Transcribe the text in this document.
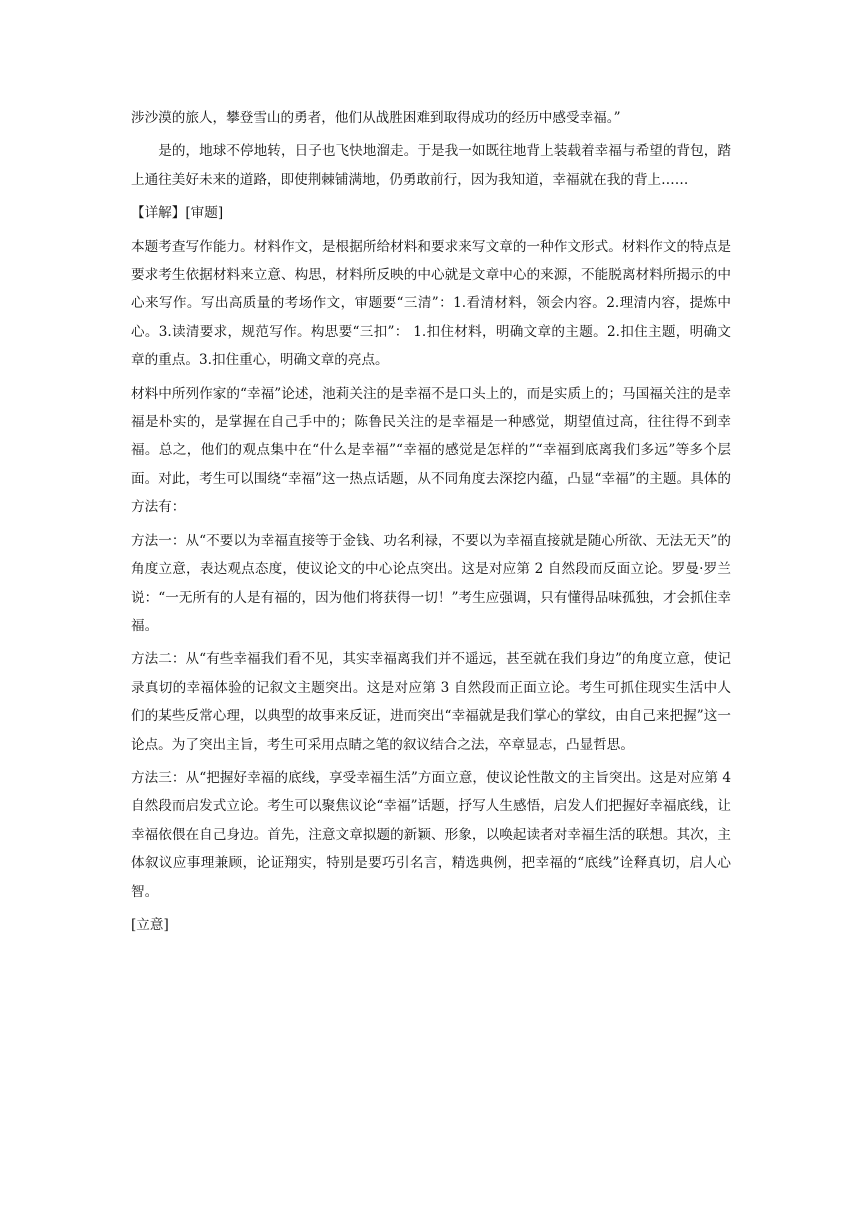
涉沙漠的旅人，攀登雪山的勇者，他们从战胜困难到取得成功的经历中感受幸福。”

是的，地球不停地转，日子也飞快地溜走。于是我一如既往地背上装载着幸福与希望的背包，踏上通往美好未来的道路，即使荆棘铺满地，仍勇敢前行，因为我知道，幸福就在我的背上……

【详解】[审题]

本题考查写作能力。材料作文，是根据所给材料和要求来写文章的一种作文形式。材料作文的特点是要求考生依据材料来立意、构思，材料所反映的中心就是文章中心的来源，不能脱离材料所揭示的中心来写作。写出高质量的考场作文，审题要“三清”：1.看清材料，领会内容。2.理清内容，提炼中心。3.读清要求，规范写作。构思要“三扣”： 1.扣住材料，明确文章的主题。2.扣住主题，明确文章的重点。3.扣住重心，明确文章的亮点。

材料中所列作家的“幸福”论述，池莉关注的是幸福不是口头上的，而是实质上的；马国福关注的是幸福是朴实的，是掌握在自己手中的；陈鲁民关注的是幸福是一种感觉，期望值过高，往往得不到幸福。总之，他们的观点集中在“什么是幸福”“幸福的感觉是怎样的”“幸福到底离我们多远”等多个层面。对此，考生可以围绕“幸福”这一热点话题，从不同角度去深挖内蕴，凸显“幸福”的主题。具体的方法有：

方法一：从“不要以为幸福直接等于金钱、功名利禄，不要以为幸福直接就是随心所欲、无法无天”的角度立意，表达观点态度，使议论文的中心论点突出。这是对应第 2 自然段而反面立论。罗曼·罗兰说：“一无所有的人是有福的，因为他们将获得一切！”考生应强调，只有懂得品味孤独，才会抓住幸福。

方法二：从“有些幸福我们看不见，其实幸福离我们并不遥远，甚至就在我们身边”的角度立意，使记录真切的幸福体验的记叙文主题突出。这是对应第 3 自然段而正面立论。考生可抓住现实生活中人们的某些反常心理，以典型的故事来反证，进而突出“幸福就是我们掌心的掌纹，由自己来把握”这一论点。为了突出主旨，考生可采用点睛之笔的叙议结合之法，卒章显志，凸显哲思。

方法三：从“把握好幸福的底线，享受幸福生活”方面立意，使议论性散文的主旨突出。这是对应第 4 自然段而启发式立论。考生可以聚焦议论“幸福”话题，抒写人生感悟，启发人们把握好幸福底线，让幸福依偎在自己身边。首先，注意文章拟题的新颖、形象，以唤起读者对幸福生活的联想。其次，主体叙议应事理兼顾，论证翔实，特别是要巧引名言，精选典例，把幸福的“底线”诠释真切，启人心智。

[立意]
